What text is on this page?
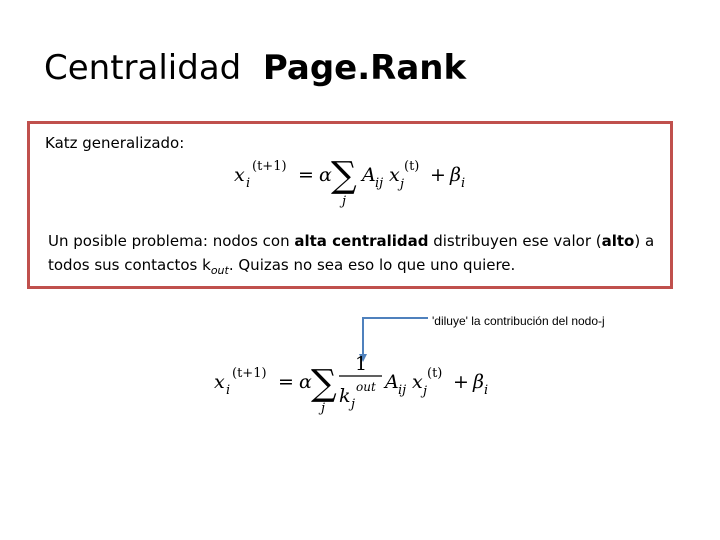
Centralidad Page.Rank
Katz generalizado:
x i
(t+1) = α ∑
j
A ij x j
(t) + β i
Un posible problema: nodos con alta centralidad distribuyen ese valor (alto) a todos sus contactos $k_{out}$. Quizas no sea eso lo que uno quiere.
'diluye' la contribución del nodo-j
x i
(t+1) = α ∑
j
1
k j
out A ij x j
(t) + β i
